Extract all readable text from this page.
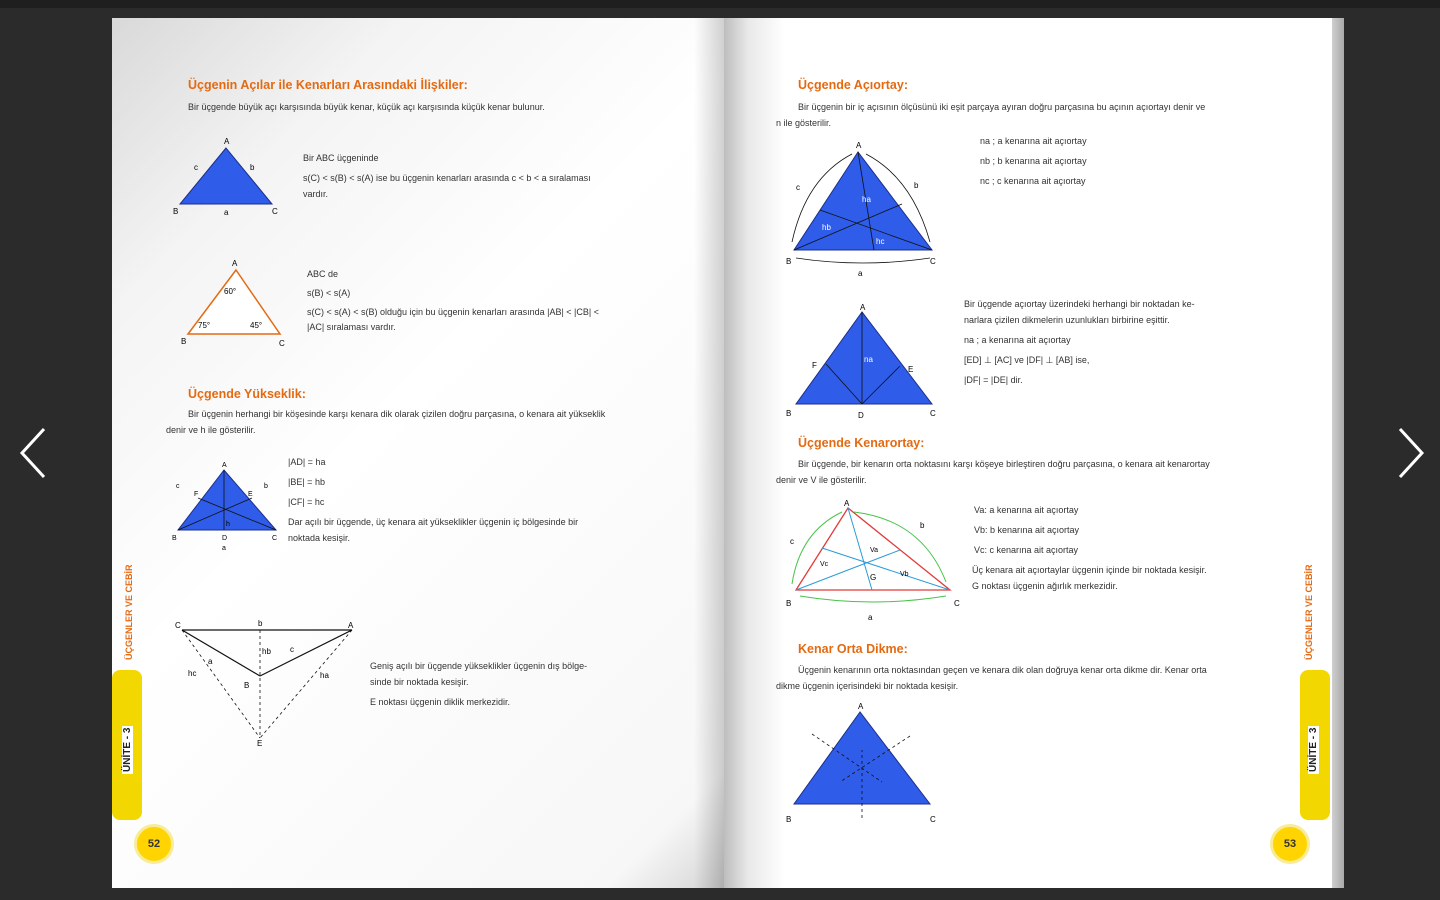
Üçgenin Açılar ile Kenarları Arasındaki İlişkiler:

Bir üçgende büyük açı karşısında büyük kenar, küçük açı karşısında küçük kenar bulunur.

A
B	C
a
b
c

Bir ABC üçgeninde

s(C) < s(B) < s(A) ise bu üçgenin kenarları arasında c < b < a sıralaması

vardır.

A
B	C
60°
75°	45°

ABC de

s(B) < s(A)

s(C) < s(A) < s(B) olduğu için bu üçgenin kenarları arasında |AB| < |CB| <

|AC| sıralaması vardır.

Üçgende Yükseklik:

Bir üçgenin herhangi bir köşesinde karşı kenara dik olarak çizilen doğru parçasına, o kenara ait yükseklik

denir ve h ile gösterilir.

A
B	C
D
E
F
a
b
c
h

|AD| = ha

|BE| = hb

|CF| = hc

Dar açılı bir üçgende, üç kenara ait yükseklikler üçgenin iç bölgesinde bir

noktada kesişir.

C	A
B
E
a
b
c
ha
hb
hc

Geniş açılı bir üçgende yükseklikler üçgenin dış bölge-

sinde bir noktada kesişir.

E noktası üçgenin diklik merkezidir.

ÜÇGENLER VE CEBİR
ÜNİTE - 3
52

Üçgende Açıortay:

Bir üçgenin bir iç açısının ölçüsünü iki eşit parçaya ayıran doğru parçasına bu açının açıortayı denir ve

n ile gösterilir.

na ; a kenarına ait açıortay

nb ; b kenarına ait açıortay

nc ; c kenarına ait açıortay

A
B	C
a
b
c
ha
hb
hc

Bir üçgende açıortay üzerindeki herhangi bir noktadan ke-

narlara çizilen dikmelerin uzunlukları birbirine eşittir.

na ; a kenarına ait açıortay

[ED] ⊥ [AC] ve |DF| ⊥ [AB] ise,

|DF| = |DE| dir.

A
B	C
D
E
F
na

Üçgende Kenarortay:

Bir üçgende, bir kenarın orta noktasını karşı köşeye birleştiren doğru parçasına, o kenara ait kenarortay

denir ve V ile gösterilir.

A
B	C
G
a
b
c
Va
Vb
Vc

Va: a kenarına ait açıortay

Vb: b kenarına ait açıortay

Vc: c kenarına ait açıortay

Üç kenara ait açıortaylar üçgenin içinde bir noktada kesişir.

G noktası üçgenin ağırlık merkezidir.

Kenar Orta Dikme:

Üçgenin kenarının orta noktasından geçen ve kenara dik olan doğruya kenar orta dikme dir. Kenar orta

dikme üçgenin içerisindeki bir noktada kesişir.

A
B	C
ÜÇGENLER VE CEBİR
ÜNİTE - 3
53
